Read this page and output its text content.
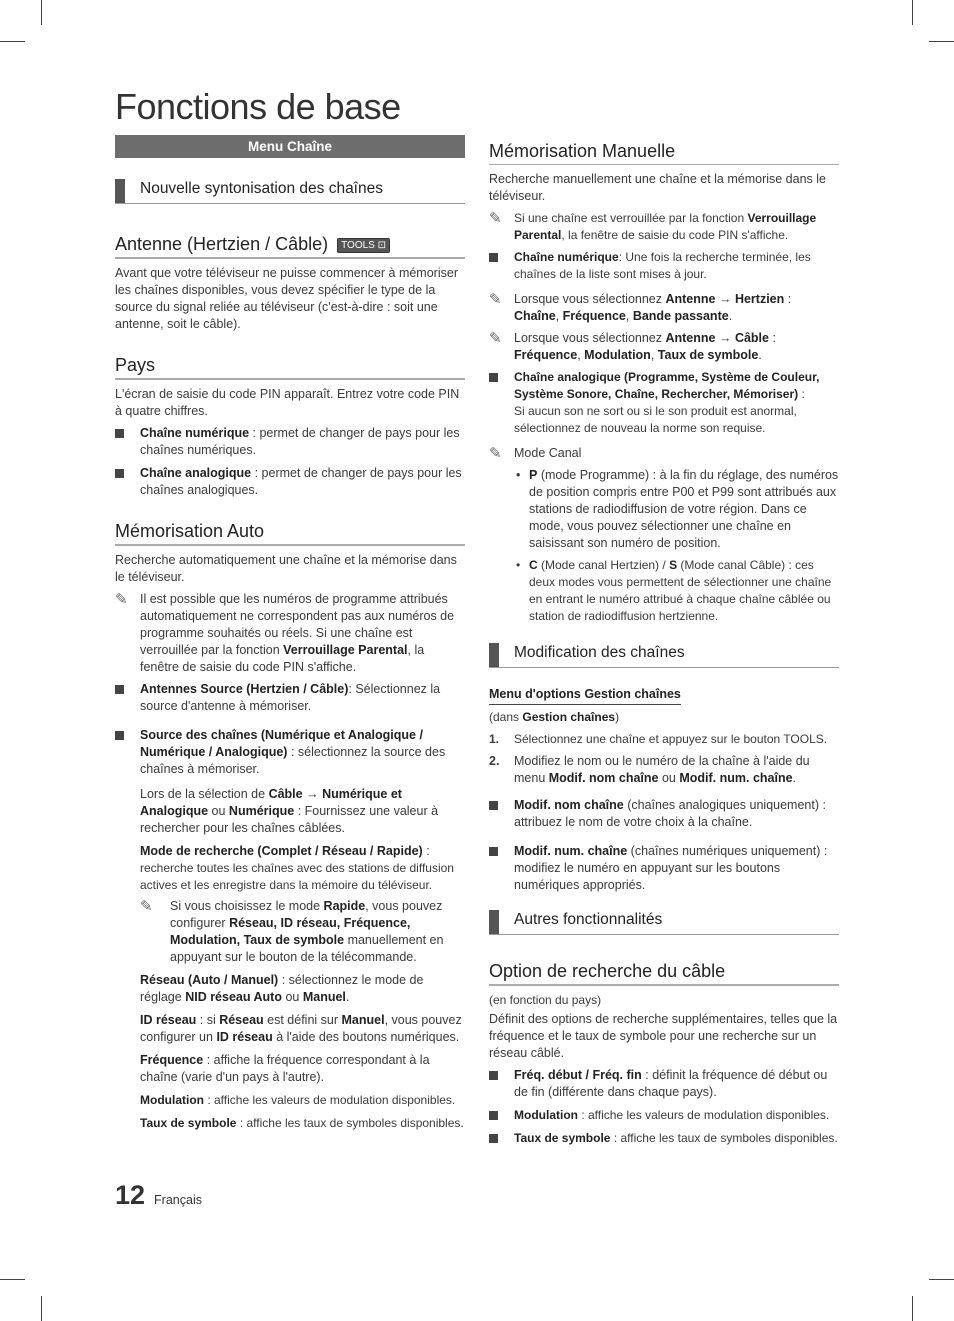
Fonctions de base
Menu Chaîne
Nouvelle syntonisation des chaînes
Antenne (Hertzien / Câble) TOOLS ⊡

Avant que votre téléviseur ne puisse commencer à mémoriser les chaînes disponibles, vous devez spécifier le type de la source du signal reliée au téléviseur (c'est-à-dire : soit une antenne, soit le câble).

Pays

L'écran de saisie du code PIN apparaît. Entrez votre code PIN à quatre chiffres.

Chaîne numérique : permet de changer de pays pour les chaînes numériques.
Chaîne analogique : permet de changer de pays pour les chaînes analogiques.
Mémorisation Auto

Recherche automatiquement une chaîne et la mémorise dans le téléviseur.

✎ Il est possible que les numéros de programme attribués automatiquement ne correspondent pas aux numéros de programme souhaités ou réels. Si une chaîne est verrouillée par la fonction Verrouillage Parental, la fenêtre de saisie du code PIN s'affiche.
Antennes Source (Hertzien / Câble): Sélectionnez la source d'antenne à mémoriser.
Source des chaînes (Numérique et Analogique / Numérique / Analogique) : sélectionnez la source des chaînes à mémoriser.
Lors de la sélection de Câble → Numérique et Analogique ou Numérique : Fournissez une valeur à rechercher pour les chaînes câblées.
Mode de recherche (Complet / Réseau / Rapide) :
recherche toutes les chaînes avec des stations de diffusion actives et les enregistre dans la mémoire du téléviseur.
✎ Si vous choisissez le mode Rapide, vous pouvez configurer Réseau, ID réseau, Fréquence, Modulation, Taux de symbole manuellement en appuyant sur le bouton de la télécommande.
Réseau (Auto / Manuel) : sélectionnez le mode de réglage NID réseau Auto ou Manuel.
ID réseau : si Réseau est défini sur Manuel, vous pouvez configurer un ID réseau à l'aide des boutons numériques.
Fréquence : affiche la fréquence correspondant à la chaîne (varie d'un pays à l'autre).
Modulation : affiche les valeurs de modulation disponibles.
Taux de symbole : affiche les taux de symboles disponibles.
Mémorisation Manuelle

Recherche manuellement une chaîne et la mémorise dans le téléviseur.

✎ Si une chaîne est verrouillée par la fonction Verrouillage Parental, la fenêtre de saisie du code PIN s'affiche.
Chaîne numérique: Une fois la recherche terminée, les chaînes de la liste sont mises à jour.
✎ Lorsque vous sélectionnez Antenne → Hertzien : Chaîne, Fréquence, Bande passante.
✎ Lorsque vous sélectionnez Antenne → Câble : Fréquence, Modulation, Taux de symbole.
Chaîne analogique (Programme, Système de Couleur, Système Sonore, Chaîne, Rechercher, Mémoriser) :
Si aucun son ne sort ou si le son produit est anormal, sélectionnez de nouveau la norme son requise.
✎ Mode Canal
• P (mode Programme) : à la fin du réglage, des numéros de position compris entre P00 et P99 sont attribués aux stations de radiodiffusion de votre région. Dans ce mode, vous pouvez sélectionner une chaîne en saisissant son numéro de position.
• C (Mode canal Hertzien) / S (Mode canal Câble) : ces deux modes vous permettent de sélectionner une chaîne en entrant le numéro attribué à chaque chaîne câblée ou station de radiodiffusion hertzienne.
Modification des chaînes
Menu d'options Gestion chaînes

(dans Gestion chaînes)

1. Sélectionnez une chaîne et appuyez sur le bouton TOOLS.
2. Modifiez le nom ou le numéro de la chaîne à l'aide du menu Modif. nom chaîne ou Modif. num. chaîne.
Modif. nom chaîne (chaînes analogiques uniquement) : attribuez le nom de votre choix à la chaîne.
Modif. num. chaîne (chaînes numériques uniquement) : modifiez le numéro en appuyant sur les boutons numériques appropriés.
Autres fonctionnalités
Option de recherche du câble

(en fonction du pays)

Définit des options de recherche supplémentaires, telles que la fréquence et le taux de symbole pour une recherche sur un réseau câblé.

Fréq. début / Fréq. fin : définit la fréquence dé début ou de fin (différente dans chaque pays).
Modulation : affiche les valeurs de modulation disponibles.
Taux de symbole : affiche les taux de symboles disponibles.
12 Français
